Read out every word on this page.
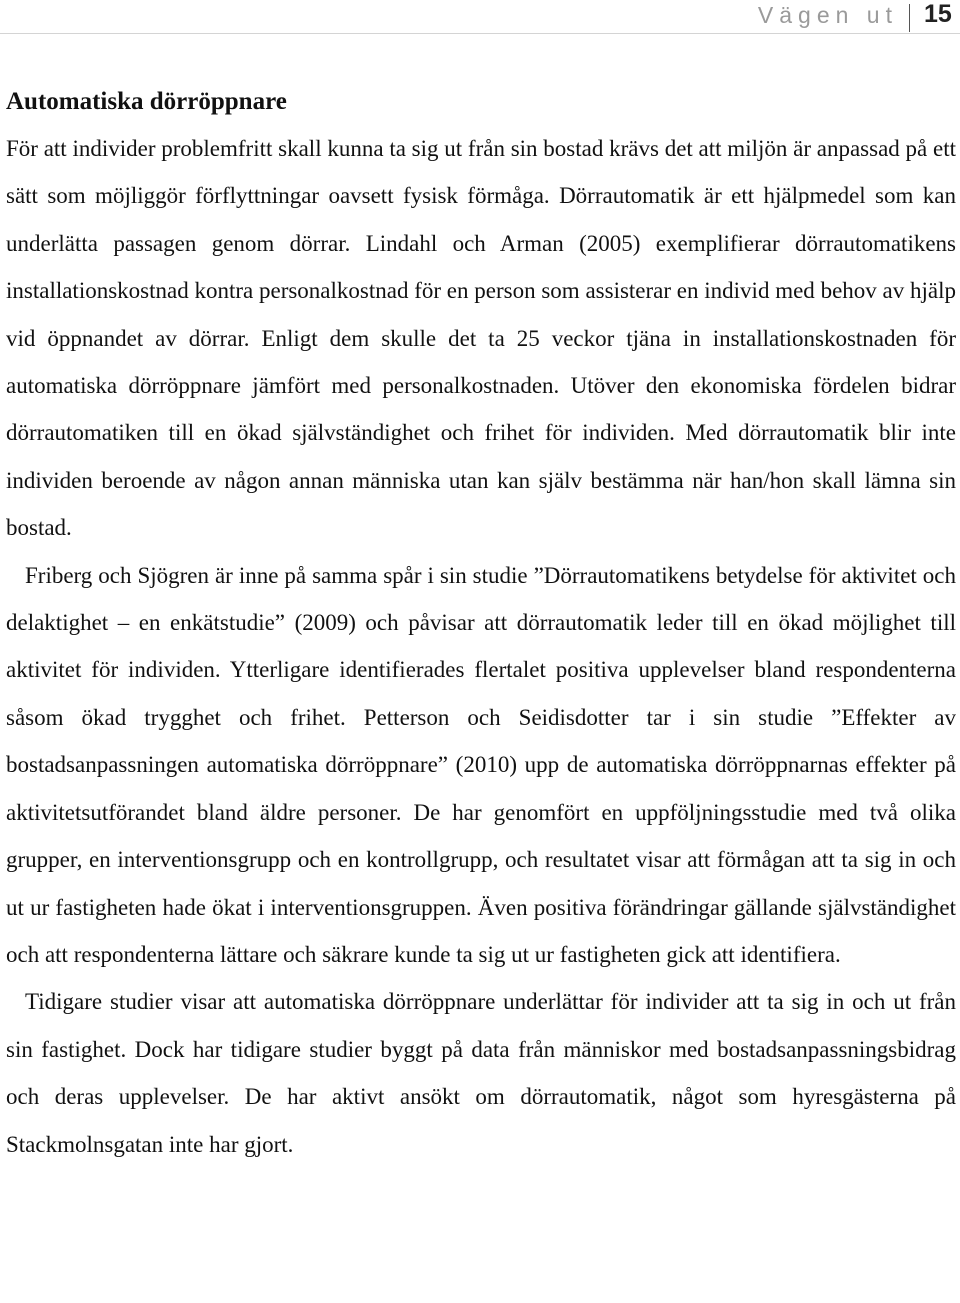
Vägen ut 15
Automatiska dörröppnare

För att individer problemfritt skall kunna ta sig ut från sin bostad krävs det att miljön är anpassad på ett sätt som möjliggör förflyttningar oavsett fysisk förmåga. Dörrautomatik är ett hjälpmedel som kan underlätta passagen genom dörrar. Lindahl och Arman (2005) exemplifierar dörrautomatikens installationskostnad kontra personalkostnad för en person som assisterar en individ med behov av hjälp vid öppnandet av dörrar. Enligt dem skulle det ta 25 veckor tjäna in installationskostnaden för automatiska dörröppnare jämfört med personalkostnaden. Utöver den ekonomiska fördelen bidrar dörrautomatiken till en ökad självständighet och frihet för individen. Med dörrautomatik blir inte individen beroende av någon annan människa utan kan själv bestämma när han/hon skall lämna sin bostad.

Friberg och Sjögren är inne på samma spår i sin studie ”Dörrautomatikens betydelse för aktivitet och delaktighet – en enkätstudie” (2009) och påvisar att dörrautomatik leder till en ökad möjlighet till aktivitet för individen. Ytterligare identifierades flertalet positiva upplevelser bland respondenterna såsom ökad trygghet och frihet. Petterson och Seidisdotter tar i sin studie ”Effekter av bostadsanpassningen automatiska dörröppnare” (2010) upp de automatiska dörröppnarnas effekter på aktivitetsutförandet bland äldre personer. De har genomfört en uppföljningsstudie med två olika grupper, en interventionsgrupp och en kontrollgrupp, och resultatet visar att förmågan att ta sig in och ut ur fastigheten hade ökat i interventionsgruppen. Även positiva förändringar gällande självständighet och att respondenterna lättare och säkrare kunde ta sig ut ur fastigheten gick att identifiera.

Tidigare studier visar att automatiska dörröppnare underlättar för individer att ta sig in och ut från sin fastighet. Dock har tidigare studier byggt på data från människor med bostadsanpassningsbidrag och deras upplevelser. De har aktivt ansökt om dörrautomatik, något som hyresgästerna på Stackmolnsgatan inte har gjort.
